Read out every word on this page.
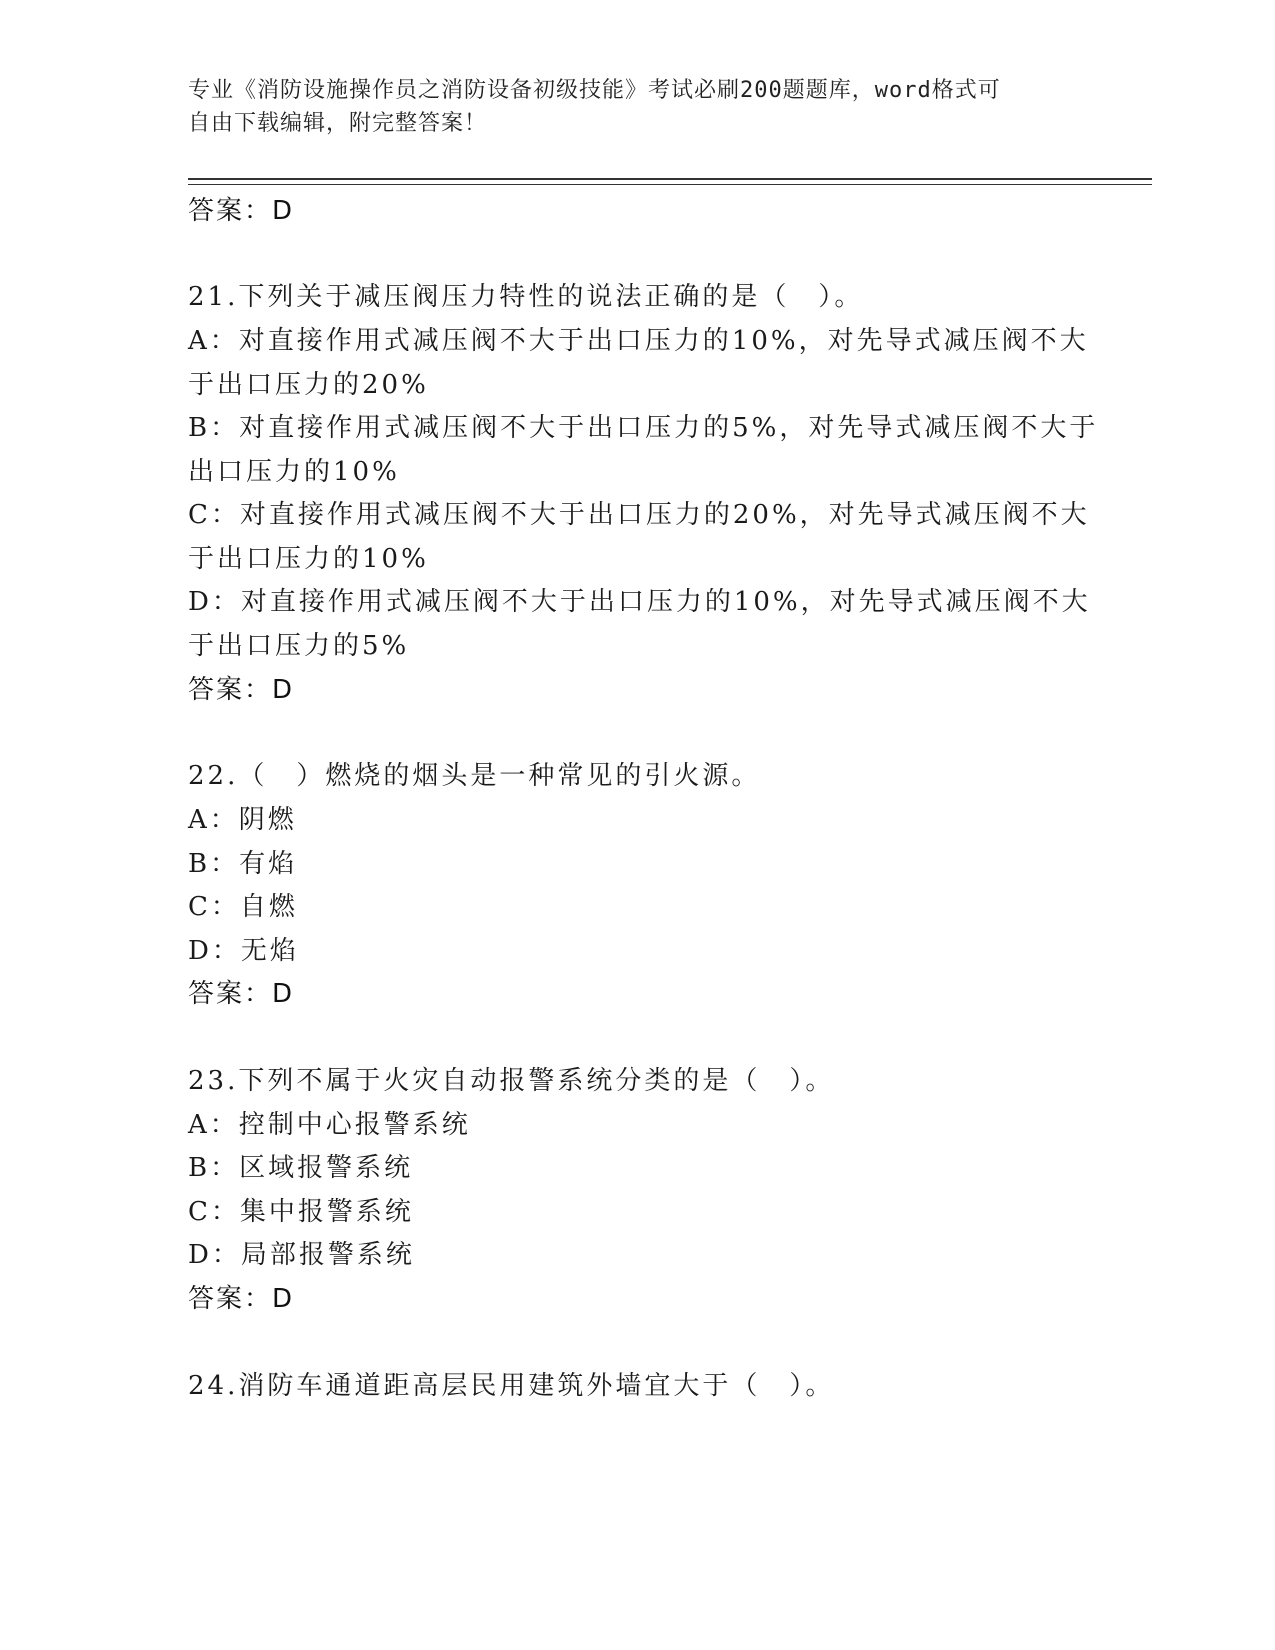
专业《消防设施操作员之消防设备初级技能》考试必刷200题题库，word格式可
自由下载编辑，附完整答案！
答案：D
21.下列关于减压阀压力特性的说法正确的是（　）。
A：对直接作用式减压阀不大于出口压力的10%，对先导式减压阀不大
于出口压力的20%
B：对直接作用式减压阀不大于出口压力的5%，对先导式减压阀不大于
出口压力的10%
C：对直接作用式减压阀不大于出口压力的20%，对先导式减压阀不大
于出口压力的10%
D：对直接作用式减压阀不大于出口压力的10%，对先导式减压阀不大
于出口压力的5%
答案：D
22.（　）燃烧的烟头是一种常见的引火源。
A：阴燃
B：有焰
C：自燃
D：无焰
答案：D
23.下列不属于火灾自动报警系统分类的是（　）。
A：控制中心报警系统
B：区域报警系统
C：集中报警系统
D：局部报警系统
答案：D
24.消防车通道距高层民用建筑外墙宜大于（　）。
